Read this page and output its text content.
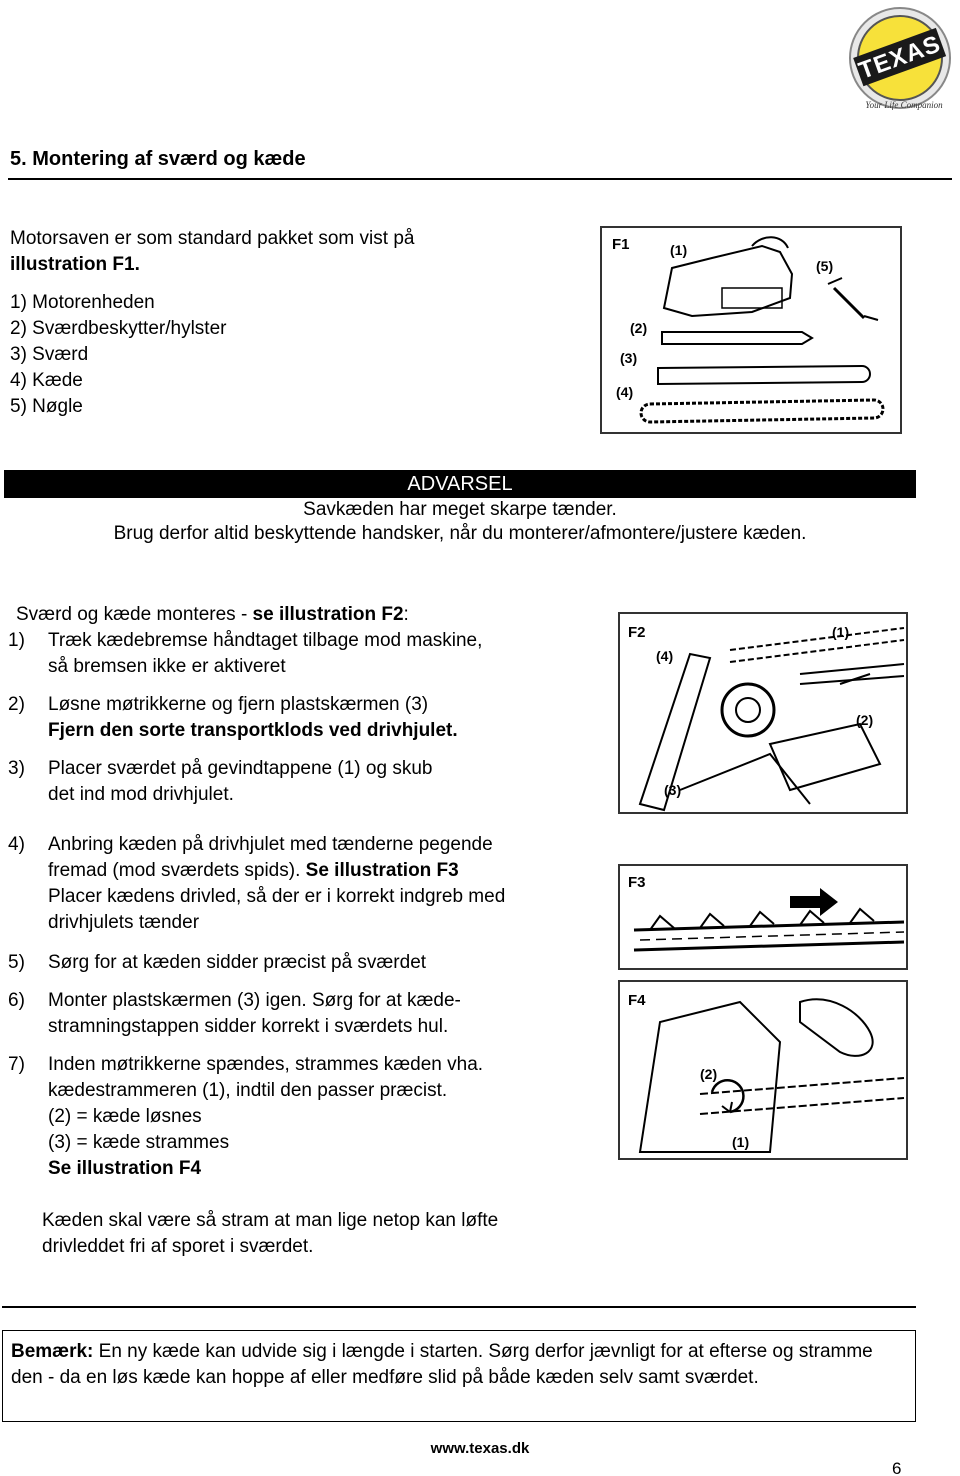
TEXAS
Your Life Companion
5. Montering af sværd og kæde

Motorsaven er som standard pakket som vist på

illustration F1.

1) Motorenheden
2) Sværdbeskytter/hylster
3) Sværd
4) Kæde
5) Nøgle
F1	(1)
(2)
(3)
(4)
(5)
ADVARSEL
Savkæden har meget skarpe tænder.
Brug derfor altid beskyttende handsker, når du monterer/afmontere/justere kæden.
Sværd og kæde monteres - se illustration F2:
1) Træk kædebremse håndtaget tilbage mod maskine,
så bremsen ikke er aktiveret
2) Løsne møtrikkerne og fjern plastskærmen (3)
Fjern den sorte transportklods ved drivhjulet.
3) Placer sværdet på gevindtappene (1) og skub
det ind mod drivhjulet.
4) Anbring kæden på drivhjulet med tænderne pegende
fremad (mod sværdets spids). Se illustration F3
Placer kædens drivled, så der er i korrekt indgreb med
drivhjulets tænder
5) Sørg for at kæden sidder præcist på sværdet
6) Monter plastskærmen (3) igen. Sørg for at kæde-
stramningstappen sidder korrekt i sværdets hul.
7) Inden møtrikkerne spændes, strammes kæden vha.
kædestrammeren (1), indtil den passer præcist.
(2) = kæde løsnes
(3) = kæde strammes
Se illustration F4
Kæden skal være så stram at man lige netop kan løfte
drivleddet fri af sporet i sværdet.
F2	(1)
(2)
(3)
(4)
F3
F4
(1)
(2)
Bemærk: En ny kæde kan udvide sig i længde i starten. Sørg derfor jævnligt for at efterse og stramme den - da en løs kæde kan hoppe af eller medføre slid på både kæden selv samt sværdet.
www.texas.dk
6
